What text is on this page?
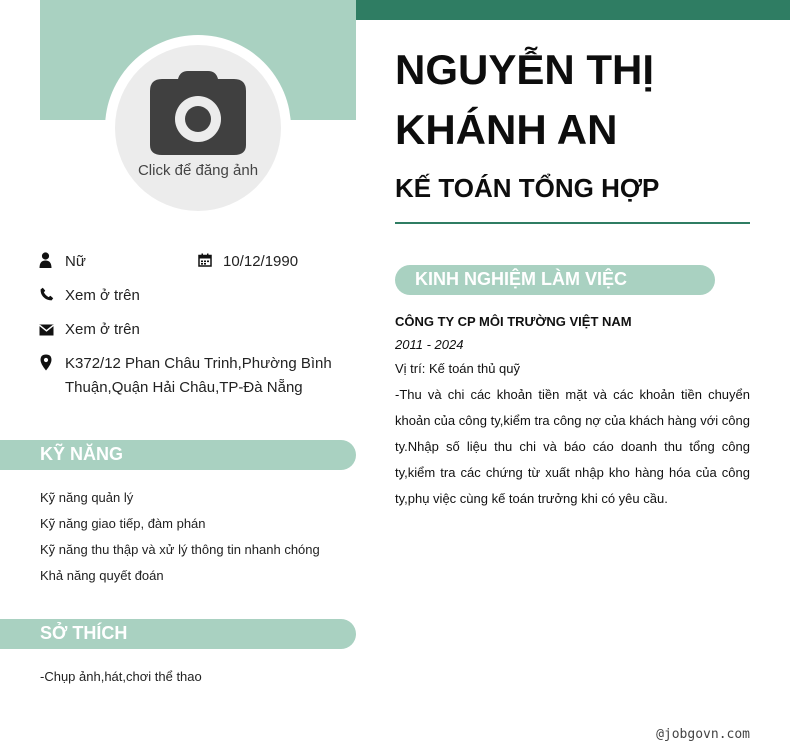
Click để đăng ảnh
NGUYỄN THỊ KHÁNH AN
KẾ TOÁN TỔNG HỢP
Nữ	10/12/1990
Xem ở trên
Xem ở trên
K372/12 Phan Châu Trinh,Phường Bình Thuận,Quận Hải Châu,TP-Đà Nẵng
KỸ NĂNG
Kỹ năng quản lý
Kỹ năng giao tiếp, đàm phán
Kỹ năng thu thập và xử lý thông tin nhanh chóng
Khả năng quyết đoán
SỞ THÍCH
-Chụp ảnh,hát,chơi thể thao
KINH NGHIỆM LÀM VIỆC
CÔNG TY CP MÔI TRƯỜNG VIỆT NAM
2011 - 2024
Vị trí: Kế toán thủ quỹ
-Thu và chi các khoản tiền mặt và các khoản tiền chuyển khoản của công ty,kiểm tra công nợ của khách hàng với công ty.Nhập số liệu thu chi và báo cáo doanh thu tổng công ty,kiểm tra các chứng từ xuất nhập kho hàng hóa của công ty,phụ việc cùng kế toán trưởng khi có yêu cầu.
@jobgovn.com
